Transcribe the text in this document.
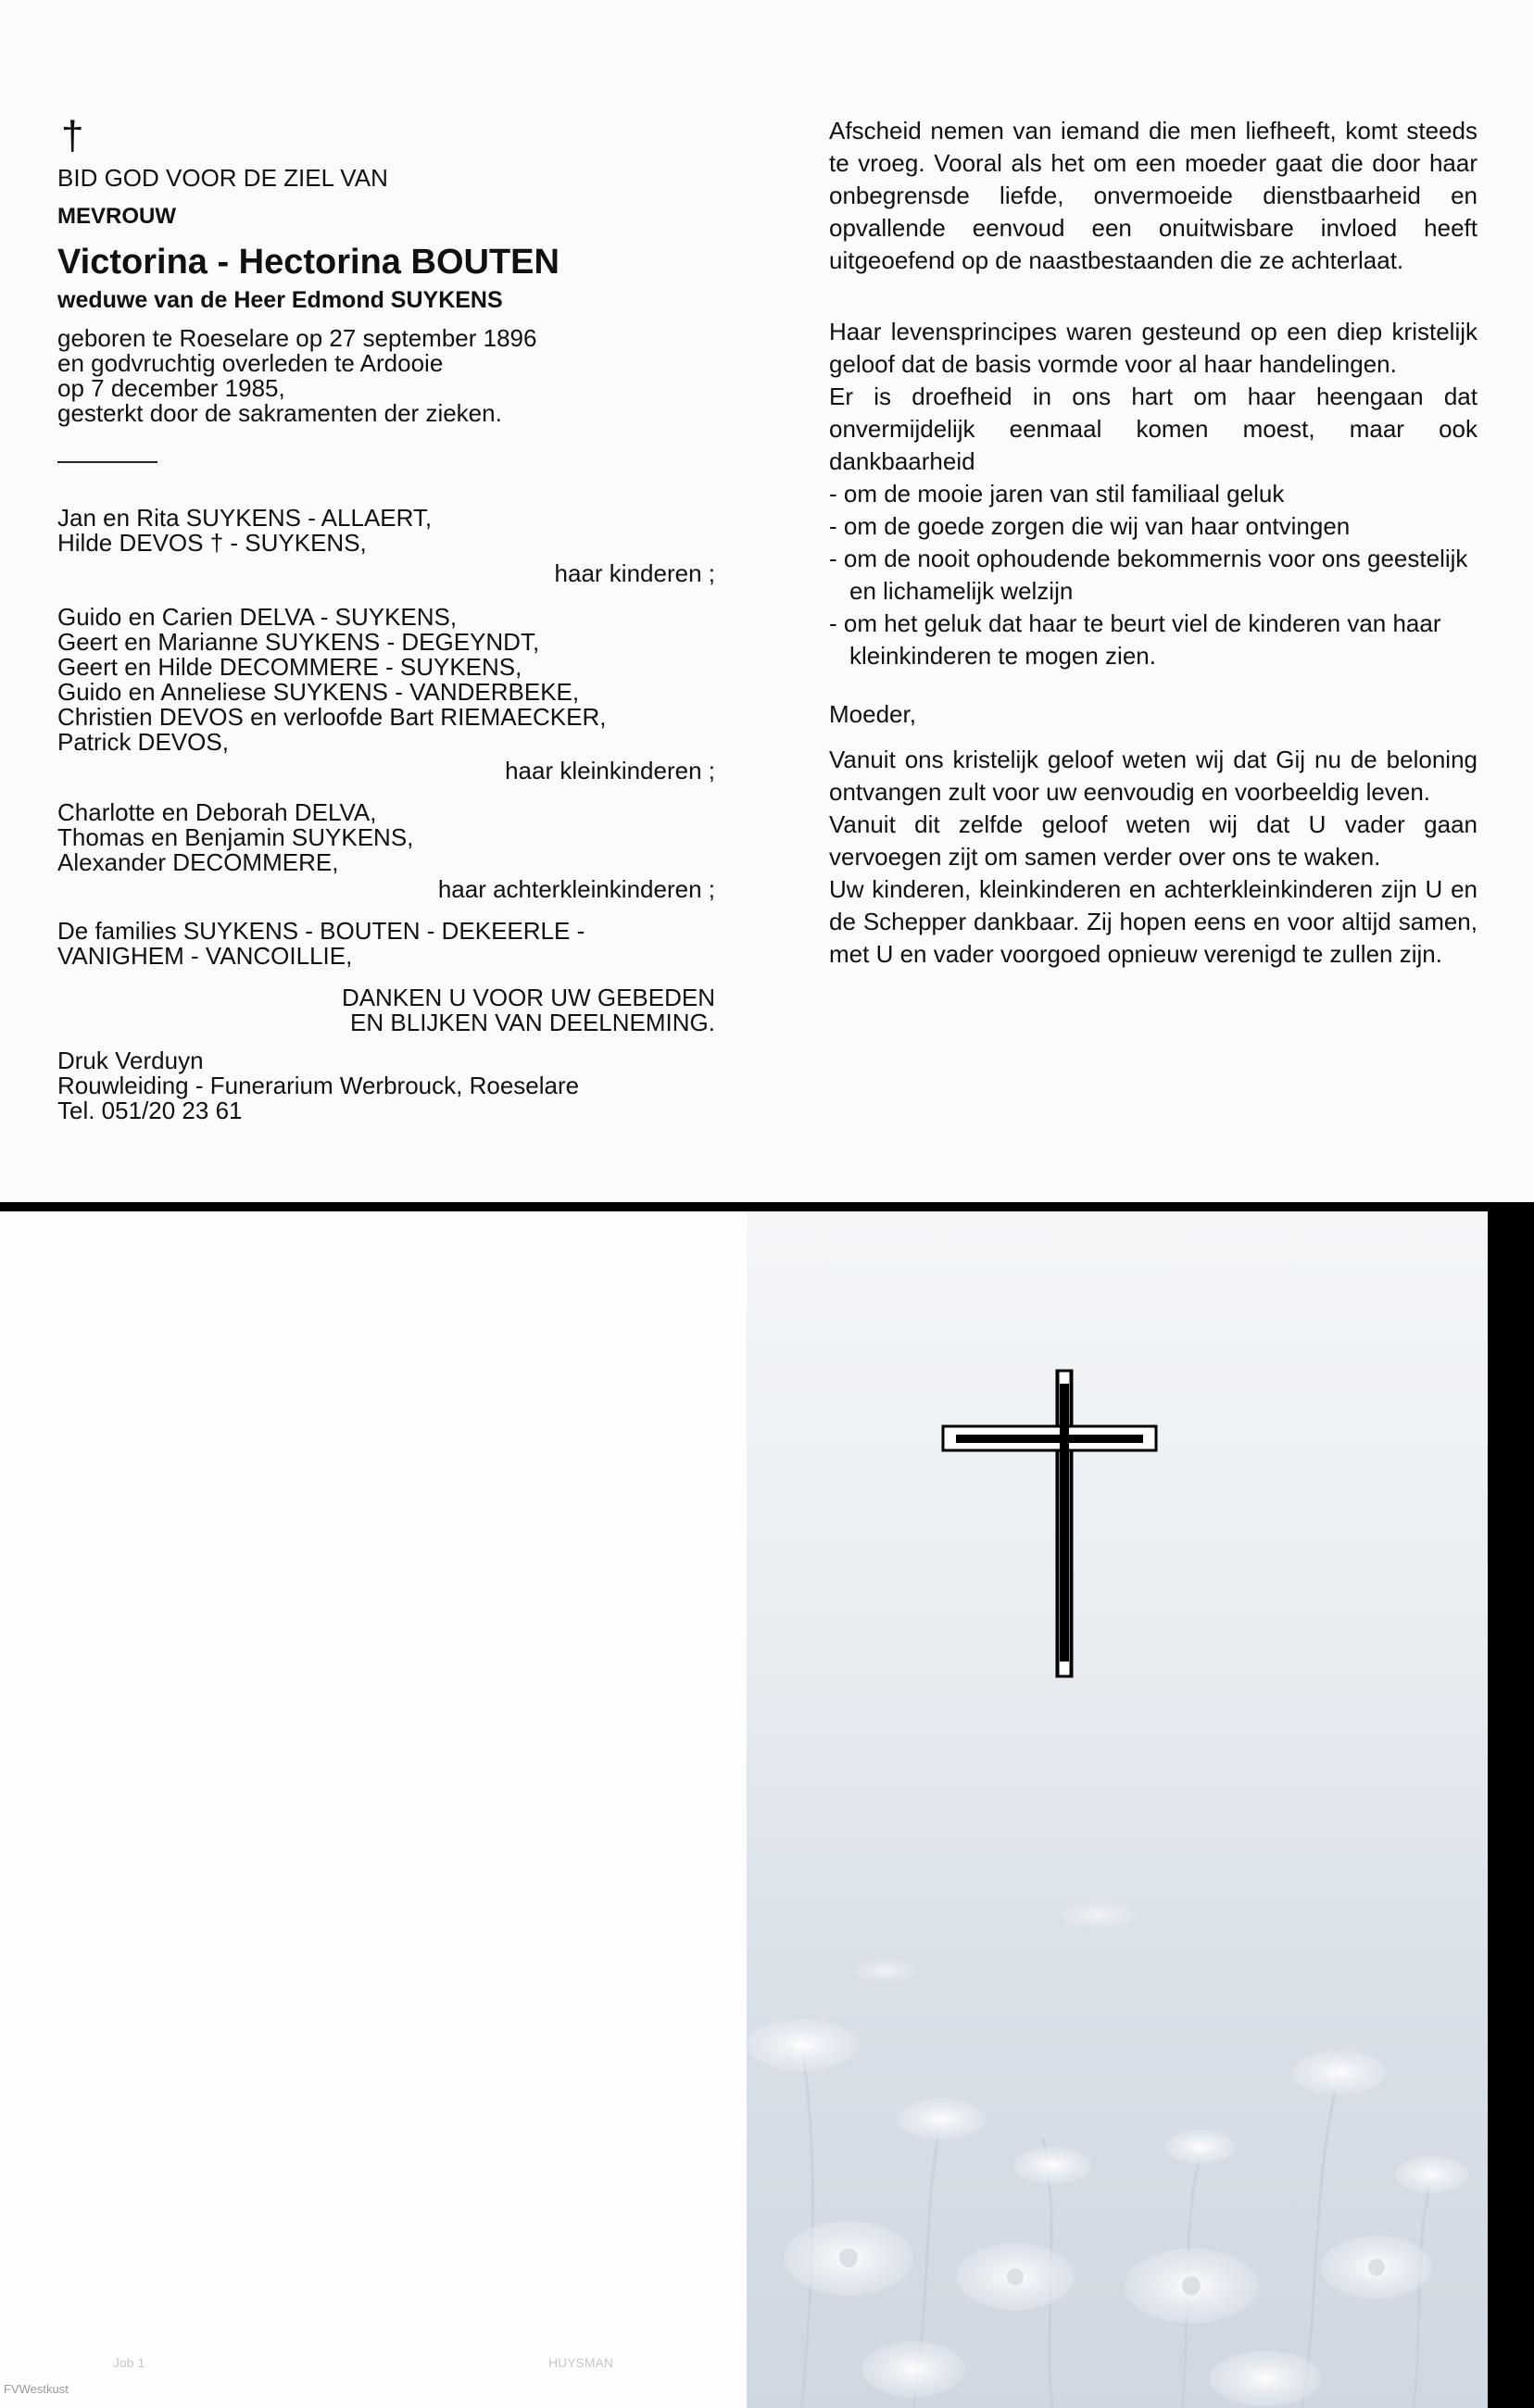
†
BID GOD VOOR DE ZIEL VAN
MEVROUW
Victorina - Hectorina BOUTEN
weduwe van de Heer Edmond SUYKENS
geboren te Roeselare op 27 september 1896
en godvruchtig overleden te Ardooie
op 7 december 1985,
gesterkt door de sakramenten der zieken.
Jan en Rita SUYKENS - ALLAERT,
Hilde DEVOS † - SUYKENS,
haar kinderen ;
Guido en Carien DELVA - SUYKENS,
Geert en Marianne SUYKENS - DEGEYNDT,
Geert en Hilde DECOMMERE - SUYKENS,
Guido en Anneliese SUYKENS - VANDERBEKE,
Christien DEVOS en verloofde Bart RIEMAECKER,
Patrick DEVOS,
haar kleinkinderen ;
Charlotte en Deborah DELVA,
Thomas en Benjamin SUYKENS,
Alexander DECOMMERE,
haar achterkleinkinderen ;
De families SUYKENS - BOUTEN - DEKEERLE -
VANIGHEM - VANCOILLIE,
DANKEN U VOOR UW GEBEDEN
EN BLIJKEN VAN DEELNEMING.
Druk Verduyn
Rouwleiding - Funerarium Werbrouck, Roeselare
Tel. 051/20 23 61
Afscheid nemen van iemand die men liefheeft, komt steeds te vroeg. Vooral als het om een moeder gaat die door haar onbegrensde liefde, onvermoeide dienstbaarheid en opvallende eenvoud een onuitwisbare invloed heeft uitgeoefend op de naastbestaanden die ze achterlaat.
Haar levensprincipes waren gesteund op een diep kristelijk geloof dat de basis vormde voor al haar handelingen.
Er is droefheid in ons hart om haar heengaan dat onvermijdelijk eenmaal komen moest, maar ook dankbaarheid
- om de mooie jaren van stil familiaal geluk
- om de goede zorgen die wij van haar ontvingen
- om de nooit ophoudende bekommernis voor ons geestelijk en lichamelijk welzijn
- om het geluk dat haar te beurt viel de kinderen van haar kleinkinderen te mogen zien.
Moeder,
Vanuit ons kristelijk geloof weten wij dat Gij nu de beloning ontvangen zult voor uw eenvoudig en voorbeeldig leven.
Vanuit dit zelfde geloof weten wij dat U vader gaan vervoegen zijt om samen verder over ons te waken.
Uw kinderen, kleinkinderen en achterkleinkinderen zijn U en de Schepper dankbaar. Zij hopen eens en voor altijd samen, met U en vader voorgoed opnieuw verenigd te zullen zijn.
Job 1	HUYSMAN
FVWestkust
